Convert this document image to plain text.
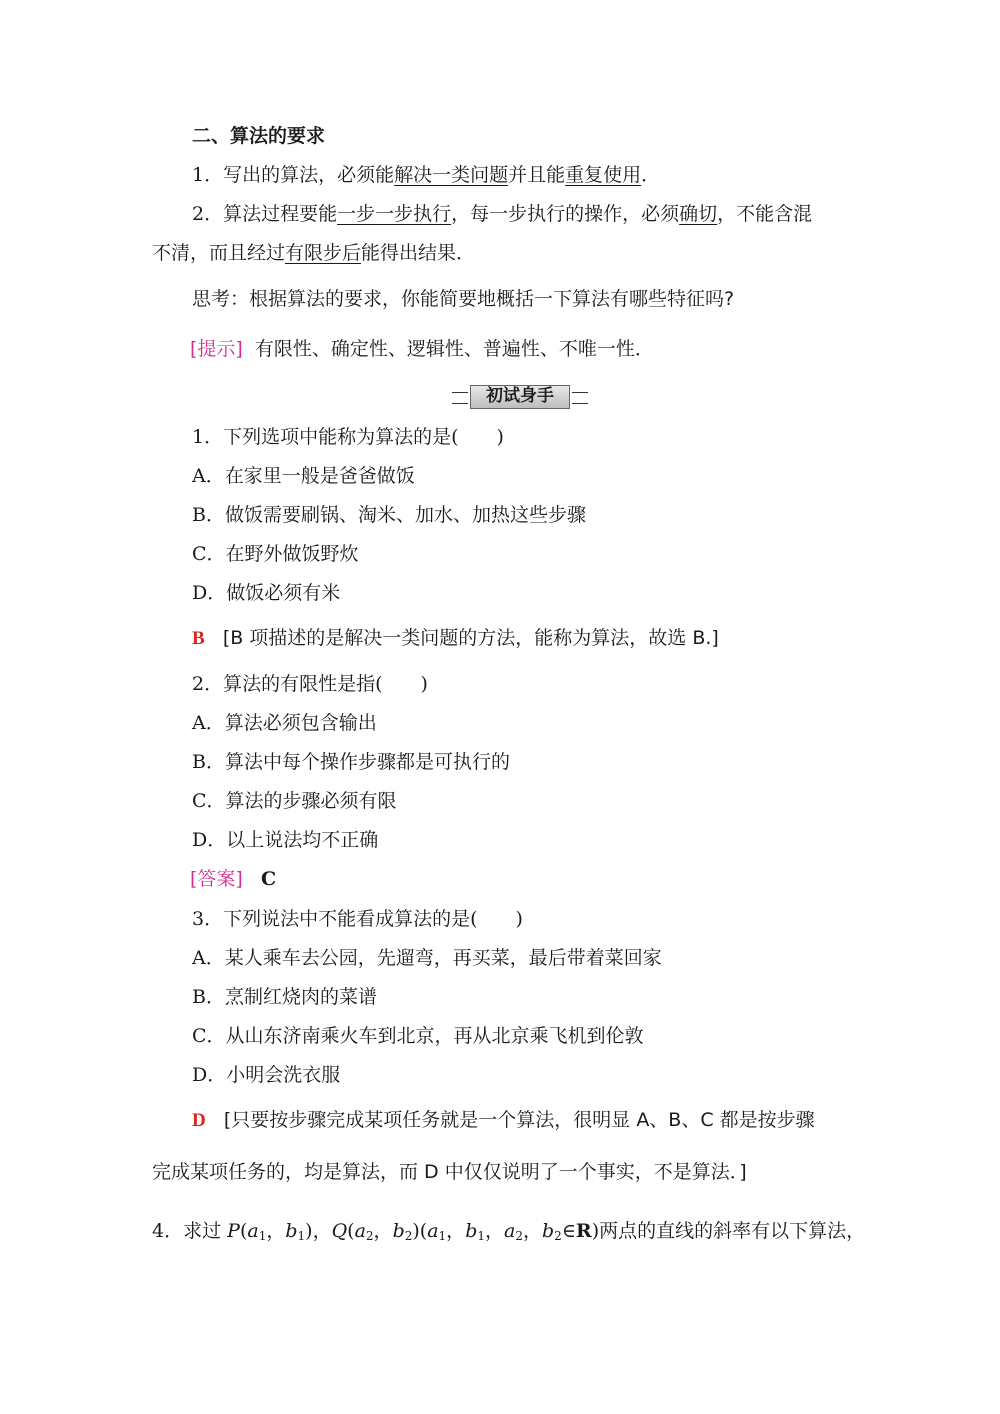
二、算法的要求
1．写出的算法，必须能解决一类问题并且能重复使用．
2．算法过程要能一步一步执行，每一步执行的操作，必须确切，不能含混
不清，而且经过有限步后能得出结果．
思考：根据算法的要求，你能简要地概括一下算法有哪些特征吗?
[提示] 有限性、确定性、逻辑性、普遍性、不唯一性．
初试身手
1．下列选项中能称为算法的是(　　)
A．在家里一般是爸爸做饭
B．做饭需要刷锅、淘米、加水、加热这些步骤
C．在野外做饭野炊
D．做饭必须有米
B [B 项描述的是解决一类问题的方法，能称为算法，故选 B.]
2．算法的有限性是指(　　)
A．算法必须包含输出
B．算法中每个操作步骤都是可执行的
C．算法的步骤必须有限
D．以上说法均不正确
[答案] C
3．下列说法中不能看成算法的是(　　)
A．某人乘车去公园，先遛弯，再买菜，最后带着菜回家
B．烹制红烧肉的菜谱
C．从山东济南乘火车到北京，再从北京乘飞机到伦敦
D．小明会洗衣服
D [只要按步骤完成某项任务就是一个算法，很明显 A、B、C 都是按步骤
完成某项任务的，均是算法，而 D 中仅仅说明了一个事实，不是算法．]
4．求过 $P(a_1$，$b_1$)，$Q(a_2$，$b_2)(a_1$，$b_1$，$a_2$，$b_2\in R$)两点的直线的斜率有以下算法，
